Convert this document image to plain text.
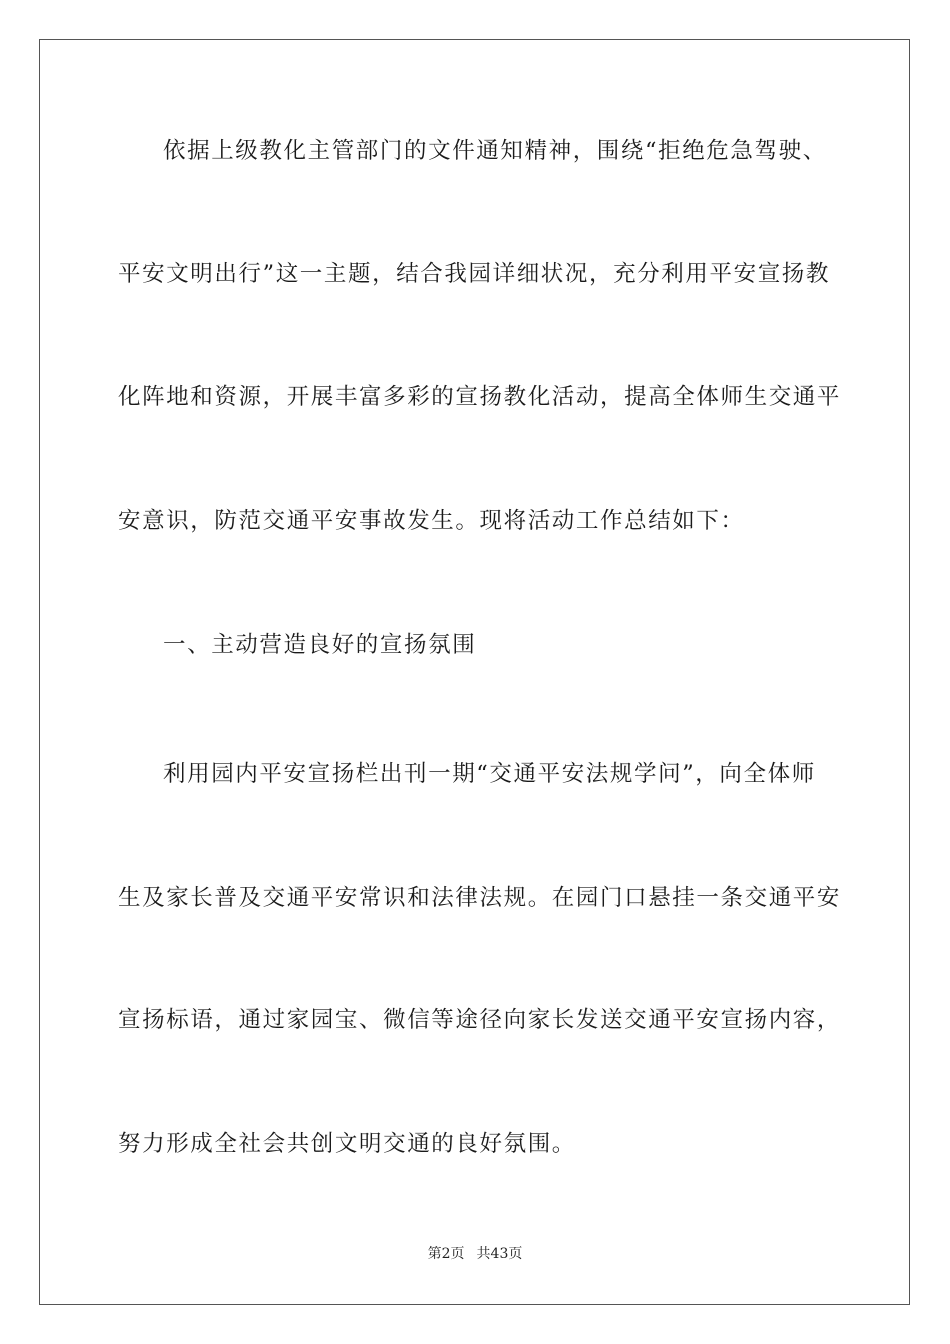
依据上级教化主管部门的文件通知精神，围绕“拒绝危急驾驶、
平安文明出行”这一主题，结合我园详细状况，充分利用平安宣扬教
化阵地和资源，开展丰富多彩的宣扬教化活动，提高全体师生交通平
安意识，防范交通平安事故发生。现将活动工作总结如下：
一、主动营造良好的宣扬氛围
利用园内平安宣扬栏出刊一期“交通平安法规学问”，向全体师
生及家长普及交通平安常识和法律法规。在园门口悬挂一条交通平安
宣扬标语，通过家园宝、微信等途径向家长发送交通平安宣扬内容，
努力形成全社会共创文明交通的良好氛围。
第2页 共43页
